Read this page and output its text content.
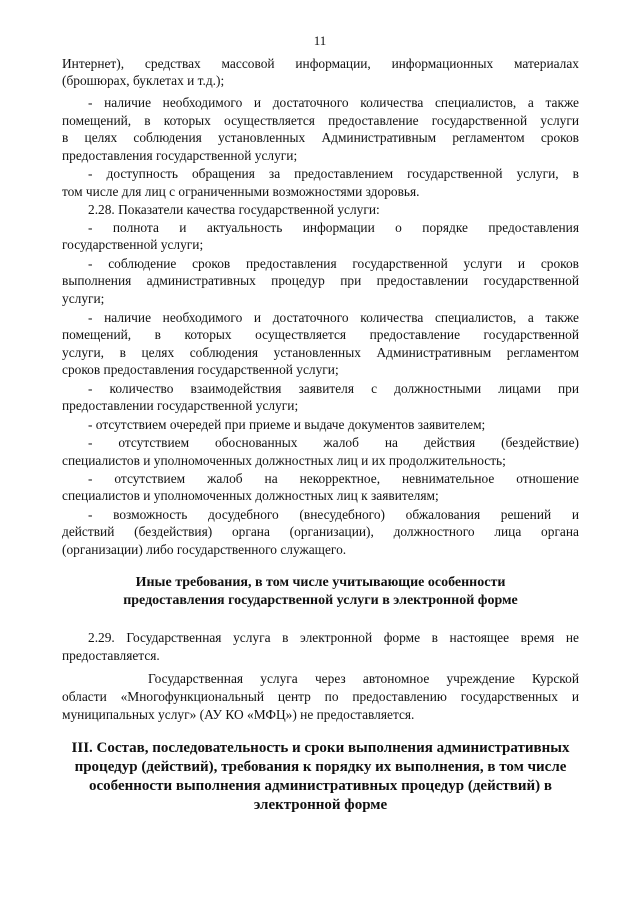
11
Интернет), средствах массовой информации, информационных материалах
(брошюрах, буклетах и т.д.);
- наличие необходимого и достаточного количества специалистов, а также
помещений, в которых осуществляется предоставление государственной услуги
в целях соблюдения установленных Административным регламентом сроков
предоставления государственной услуги;
- доступность обращения за предоставлением государственной услуги, в
том числе для лиц с ограниченными возможностями здоровья.
2.28. Показатели качества государственной услуги:
- полнота и актуальность информации о порядке предоставления
государственной услуги;
- соблюдение сроков предоставления государственной услуги и сроков
выполнения административных процедур при предоставлении государственной
услуги;
- наличие необходимого и достаточного количества специалистов, а также
помещений, в которых осуществляется предоставление государственной
услуги, в целях соблюдения установленных Административным регламентом
сроков предоставления государственной услуги;
- количество взаимодействия заявителя с должностными лицами при
предоставлении государственной услуги;
- отсутствием очередей при приеме и выдаче документов заявителем;
- отсутствием обоснованных жалоб на действия (бездействие)
специалистов и уполномоченных должностных лиц и их продолжительность;
- отсутствием жалоб на некорректное, невнимательное отношение
специалистов и уполномоченных должностных лиц к заявителям;
- возможность досудебного (внесудебного) обжалования решений и
действий (бездействия) органа (организации), должностного лица органа
(организации) либо государственного служащего.
Иные требования, в том числе учитывающие особенности
предоставления государственной услуги в электронной форме
2.29. Государственная услуга в электронной форме в настоящее время не
предоставляется.
Государственная услуга через автономное учреждение Курской
области «Многофункциональный центр по предоставлению государственных и
муниципальных услуг» (АУ КО «МФЦ») не предоставляется.
III. Состав, последовательность и сроки выполнения административных
процедур (действий), требования к порядку их выполнения, в том числе
особенности выполнения административных процедур (действий) в
электронной форме
